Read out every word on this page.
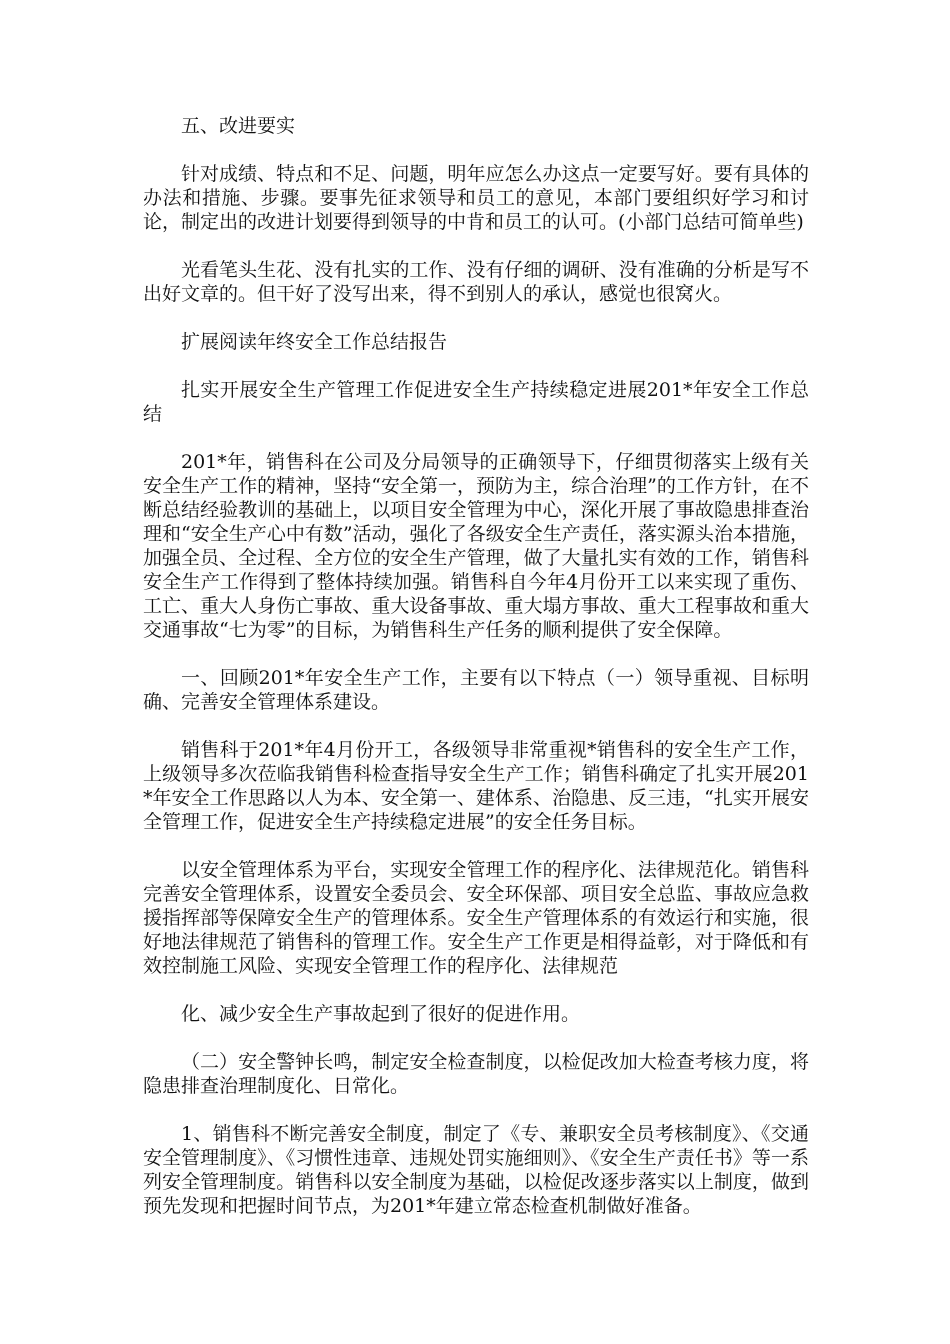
五、改进要实

针对成绩、特点和不足、问题，明年应怎么办这点一定要写好。要有具体的办法和措施、步骤。要事先征求领导和员工的意见，本部门要组织好学习和讨论，制定出的改进计划要得到领导的中肯和员工的认可。(小部门总结可简单些)

光看笔头生花、没有扎实的工作、没有仔细的调研、没有准确的分析是写不出好文章的。但干好了没写出来，得不到别人的承认，感觉也很窝火。

扩展阅读年终安全工作总结报告

扎实开展安全生产管理工作促进安全生产持续稳定进展201*年安全工作总结

201*年，销售科在公司及分局领导的正确领导下，仔细贯彻落实上级有关安全生产工作的精神，坚持“安全第一，预防为主，综合治理”的工作方针，在不断总结经验教训的基础上，以项目安全管理为中心，深化开展了事故隐患排查治理和“安全生产心中有数”活动，强化了各级安全生产责任，落实源头治本措施，加强全员、全过程、全方位的安全生产管理，做了大量扎实有效的工作，销售科安全生产工作得到了整体持续加强。销售科自今年4月份开工以来实现了重伤、工亡、重大人身伤亡事故、重大设备事故、重大塌方事故、重大工程事故和重大交通事故“七为零”的目标，为销售科生产任务的顺利提供了安全保障。

一、回顾201*年安全生产工作，主要有以下特点（一）领导重视、目标明确、完善安全管理体系建设。

销售科于201*年4月份开工，各级领导非常重视*销售科的安全生产工作，上级领导多次莅临我销售科检查指导安全生产工作；销售科确定了扎实开展201*年安全工作思路以人为本、安全第一、建体系、治隐患、反三违，“扎实开展安全管理工作，促进安全生产持续稳定进展”的安全任务目标。

以安全管理体系为平台，实现安全管理工作的程序化、法律规范化。销售科完善安全管理体系，设置安全委员会、安全环保部、项目安全总监、事故应急救援指挥部等保障安全生产的管理体系。安全生产管理体系的有效运行和实施，很好地法律规范了销售科的管理工作。安全生产工作更是相得益彰，对于降低和有效控制施工风险、实现安全管理工作的程序化、法律规范

化、减少安全生产事故起到了很好的促进作用。

（二）安全警钟长鸣，制定安全检查制度，以检促改加大检查考核力度，将隐患排查治理制度化、日常化。

1、销售科不断完善安全制度，制定了《专、兼职安全员考核制度》、《交通安全管理制度》、《习惯性违章、违规处罚实施细则》、《安全生产责任书》等一系列安全管理制度。销售科以安全制度为基础，以检促改逐步落实以上制度，做到预先发现和把握时间节点，为201*年建立常态检查机制做好准备。
